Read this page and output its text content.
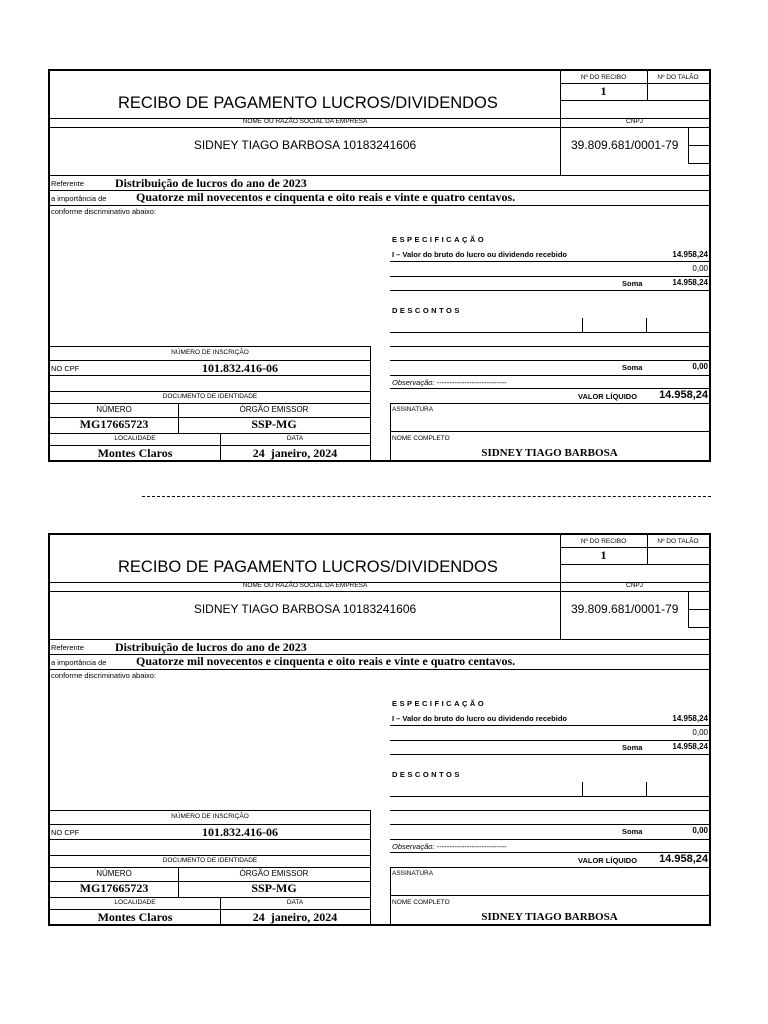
Nº DO RECIBO	Nº DO TALÃO
1
RECIBO DE PAGAMENTO LUCROS/DIVIDENDOS
NOME OU RAZÃO SOCIAL DA EMPRESA	CNPJ
SIDNEY TIAGO BARBOSA 10183241606	39.809.681/0001-79
Referente	Distribuição de lucros do ano de 2023
a importância de Quatorze mil novecentos e cinquenta e oito reais e vinte e quatro centavos.
conforme discriminativo abaixo:
ESPECIFICAÇÃO
I – Valor do bruto do lucro ou dividendo recebido	14.958,24
0,00
Soma	14.958,24
DESCONTOS
Soma	0,00
Observação: ----------------------------
VALOR LÍQUIDO	14.958,24
ASSINATURA
NOME COMPLETO
SIDNEY TIAGO BARBOSA
NÚMERO DE INSCRIÇÃO
NO CPF	101.832.416-06
DOCUMENTO DE IDENTIDADE
NÚMERO	ÓRGÃO EMISSOR
MG17665723	SSP-MG
LOCALIDADE	DATA
Montes Claros	24  janeiro, 2024
Nº DO RECIBO	Nº DO TALÃO
1
RECIBO DE PAGAMENTO LUCROS/DIVIDENDOS
NOME OU RAZÃO SOCIAL DA EMPRESA	CNPJ
SIDNEY TIAGO BARBOSA 10183241606	39.809.681/0001-79
Referente	Distribuição de lucros do ano de 2023
a importância de Quatorze mil novecentos e cinquenta e oito reais e vinte e quatro centavos.
conforme discriminativo abaixo:
ESPECIFICAÇÃO
I – Valor do bruto do lucro ou dividendo recebido	14.958,24
0,00
Soma	14.958,24
DESCONTOS
Soma	0,00
Observação: ----------------------------
VALOR LÍQUIDO	14.958,24
ASSINATURA
NOME COMPLETO
SIDNEY TIAGO BARBOSA
NÚMERO DE INSCRIÇÃO
NO CPF	101.832.416-06
DOCUMENTO DE IDENTIDADE
NÚMERO	ÓRGÃO EMISSOR
MG17665723	SSP-MG
LOCALIDADE	DATA
Montes Claros	24  janeiro, 2024
